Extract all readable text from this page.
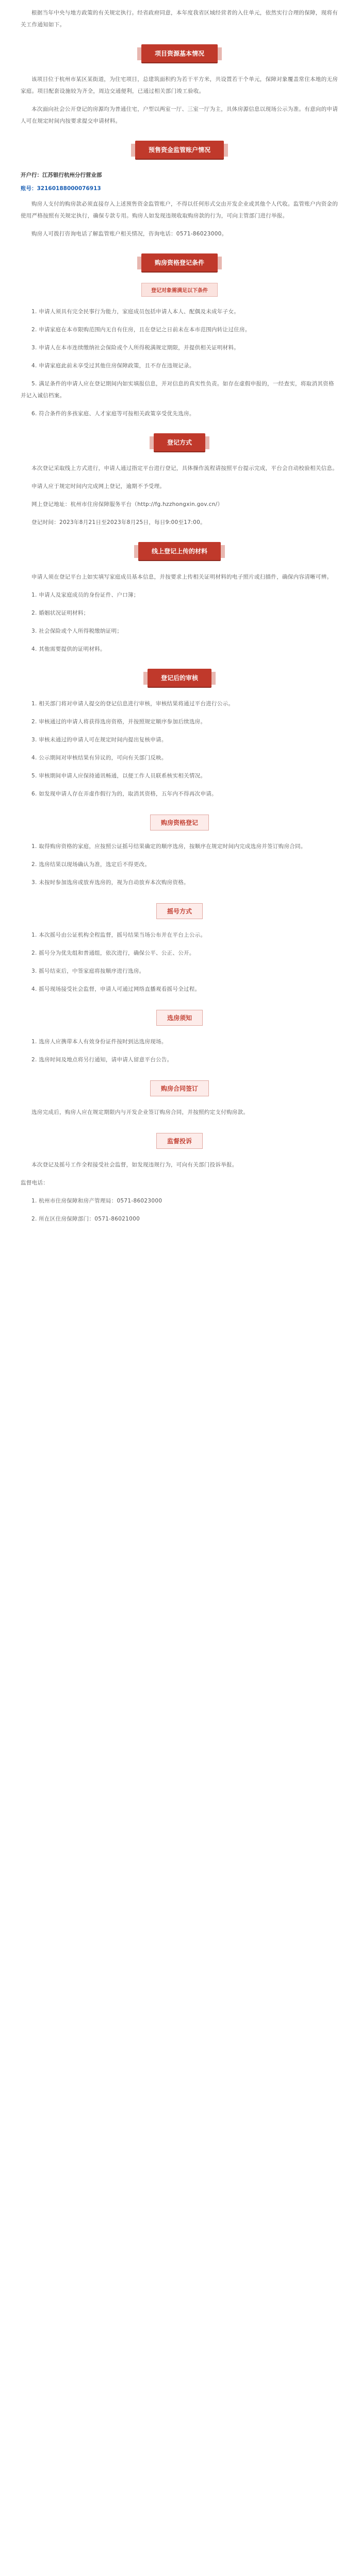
根据当年中央与地方政策的有关规定执行。经省政府同意，本年度我省区域经营者的入住单元，依然实行合理的保障，现将有关工作通知如下。

项目资源基本情况

该项目位于杭州市某区某街道，为住宅项目，总建筑面积约为若干平方米，共设置若干个单元，保障对象覆盖常住本地的无房家庭。项目配套设施较为齐全，周边交通便利，已通过相关部门竣工验收。

本次面向社会公开登记的房源均为普通住宅，户型以两室一厅、三室一厅为主，具体房源信息以现场公示为准。有意向的申请人可在规定时间内按要求提交申请材料。

预售资金监管账户情况

开户行：江苏银行杭州分行营业部

账号：32160188000076913

购房人支付的购房款必须直接存入上述预售资金监管账户，不得以任何形式交由开发企业或其他个人代收。监管账户内资金的使用严格按照有关规定执行，确保专款专用。购房人如发现违规收取购房款的行为，可向主管部门进行举报。

购房人可拨打咨询电话了解监管账户相关情况，咨询电话：0571-86023000。

购房资格登记条件
登记对象需满足以下条件

1. 申请人须具有完全民事行为能力，家庭成员包括申请人本人、配偶及未成年子女。

2. 申请家庭在本市限购范围内无自有住房，且在登记之日前未在本市范围内转让过住房。

3. 申请人在本市连续缴纳社会保险或个人所得税满规定期限，并提供相关证明材料。

4. 申请家庭此前未享受过其他住房保障政策，且不存在违规记录。

5. 满足条件的申请人应在登记期间内如实填报信息，并对信息的真实性负责。如存在虚假申报的，一经查实，将取消其资格并记入诚信档案。

6. 符合条件的多孩家庭、人才家庭等可按相关政策享受优先选房。

登记方式

本次登记采取线上方式进行，申请人通过指定平台进行登记，具体操作流程请按照平台提示完成，平台会自动校验相关信息。

申请人应于规定时间内完成网上登记，逾期不予受理。

网上登记地址：杭州市住房保障服务平台（http://fg.hzzhongxin.gov.cn/）

登记时间：2023年8月21日至2023年8月25日，每日9:00至17:00。

线上登记上传的材料

申请人须在登记平台上如实填写家庭成员基本信息，并按要求上传相关证明材料的电子照片或扫描件，确保内容清晰可辨。

1. 申请人及家庭成员的身份证件、户口簿；

2. 婚姻状况证明材料；

3. 社会保险或个人所得税缴纳证明；

4. 其他需要提供的证明材料。

登记后的审核

1. 相关部门将对申请人提交的登记信息进行审核，审核结果将通过平台进行公示。

2. 审核通过的申请人将获得选房资格，并按照规定顺序参加后续选房。

3. 审核未通过的申请人可在规定时间内提出复核申请。

4. 公示期间对审核结果有异议的，可向有关部门反映。

5. 审核期间申请人应保持通讯畅通，以便工作人员联系核实相关情况。

6. 如发现申请人存在弄虚作假行为的，取消其资格，五年内不得再次申请。

购房资格登记

1. 取得购房资格的家庭，应按照公证摇号结果确定的顺序选房，按顺序在规定时间内完成选房并签订购房合同。

2. 选房结果以现场确认为准，选定后不得更改。

3. 未按时参加选房或放弃选房的，视为自动放弃本次购房资格。

摇号方式

1. 本次摇号由公证机构全程监督，摇号结果当场公布并在平台上公示。

2. 摇号分为优先组和普通组，依次进行，确保公平、公正、公开。

3. 摇号结束后，中签家庭将按顺序进行选房。

4. 摇号现场接受社会监督，申请人可通过网络直播观看摇号全过程。

选房须知

1. 选房人应携带本人有效身份证件按时到达选房现场。

2. 选房时间及地点将另行通知，请申请人留意平台公告。

购房合同签订

选房完成后，购房人应在规定期限内与开发企业签订购房合同，并按照约定支付购房款。

监督投诉

本次登记及摇号工作全程接受社会监督，如发现违规行为，可向有关部门投诉举报。

监督电话：

1. 杭州市住房保障和房产管理局：0571-86023000

2. 所在区住房保障部门：0571-86021000
